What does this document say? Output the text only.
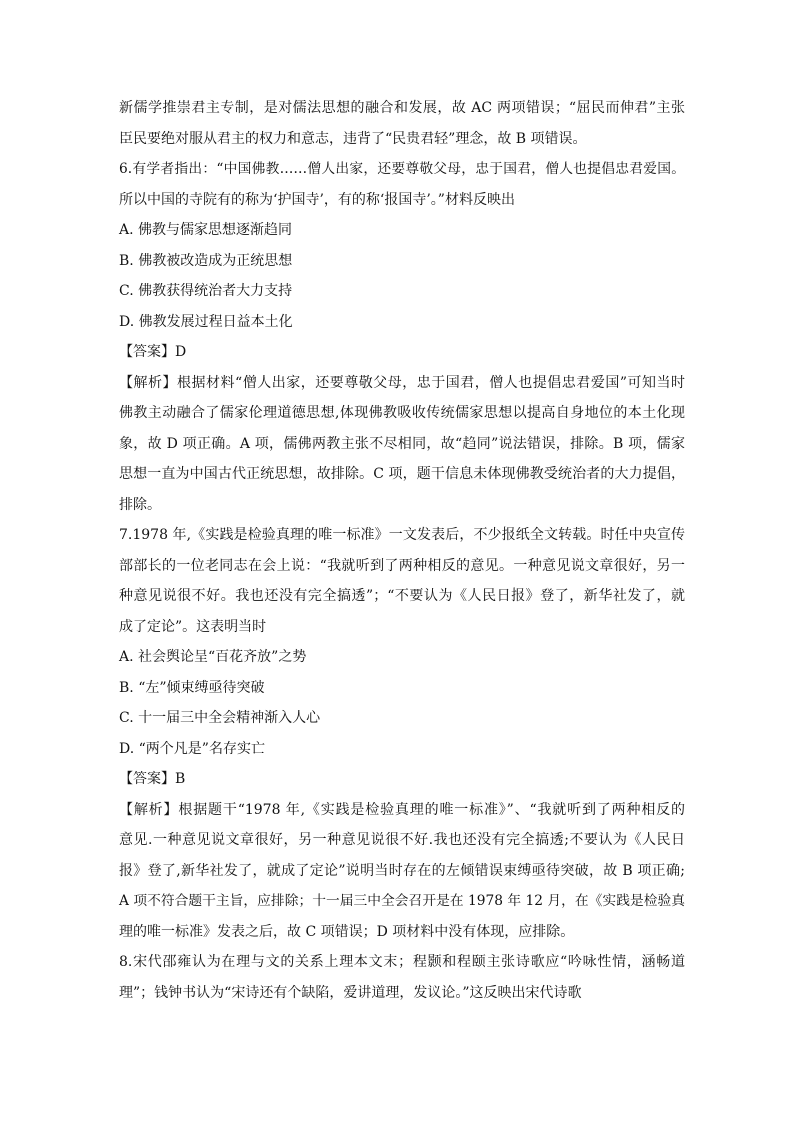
新儒学推崇君主专制，是对儒法思想的融合和发展，故 AC 两项错误；“屈民而伸君”主张
臣民要绝对服从君主的权力和意志，违背了“民贵君轻”理念，故 B 项错误。
6.有学者指出：“中国佛教……僧人出家，还要尊敬父母，忠于国君，僧人也提倡忠君爱国。
所以中国的寺院有的称为‘护国寺’，有的称‘报国寺’。”材料反映出
A. 佛教与儒家思想逐渐趋同
B. 佛教被改造成为正统思想
C. 佛教获得统治者大力支持
D. 佛教发展过程日益本土化
【答案】D
【解析】根据材料“僧人出家，还要尊敬父母，忠于国君，僧人也提倡忠君爱国”可知当时
佛教主动融合了儒家伦理道德思想,体现佛教吸收传统儒家思想以提高自身地位的本土化现
象，故 D 项正确。A 项，儒佛两教主张不尽相同，故“趋同”说法错误，排除。B 项，儒家
思想一直为中国古代正统思想，故排除。C 项，题干信息未体现佛教受统治者的大力提倡，
排除。
7.1978 年,《实践是检验真理的唯一标准》一文发表后，不少报纸全文转载。时任中央宣传
部部长的一位老同志在会上说：“我就听到了两种相反的意见。一种意见说文章很好，另一
种意见说很不好。我也还没有完全搞透”；“不要认为《人民日报》登了，新华社发了，就
成了定论”。这表明当时
A. 社会舆论呈“百花齐放”之势
B. “左”倾束缚亟待突破
C. 十一届三中全会精神渐入人心
D. “两个凡是”名存实亡
【答案】B
【解析】根据题干“1978 年,《实践是检验真理的唯一标准》”、“我就听到了两种相反的
意见.一种意见说文章很好，另一种意见说很不好.我也还没有完全搞透;不要认为《人民日
报》登了,新华社发了，就成了定论”说明当时存在的左倾错误束缚亟待突破，故 B 项正确;
A 项不符合题干主旨，应排除；十一届三中全会召开是在 1978 年 12 月，在《实践是检验真
理的唯一标准》发表之后，故 C 项错误；D 项材料中没有体现，应排除。
8.宋代邵雍认为在理与文的关系上理本文末；程颢和程颐主张诗歌应“吟咏性情，涵畅道
理”；钱钟书认为“宋诗还有个缺陷，爱讲道理，发议论。”这反映出宋代诗歌
